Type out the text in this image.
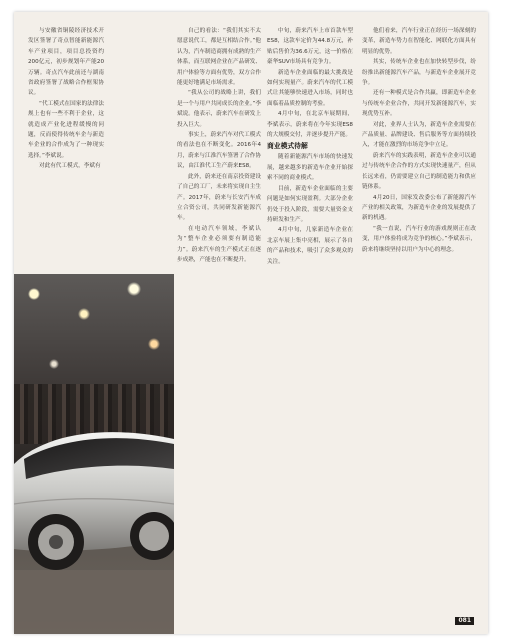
与安徽省铜陵经济技术开发区签署了奇点智能新能源汽车产业项目，项目总投资约200亿元，初步规划年产能20万辆。奇点汽车此前还与湖南省政府签署了战略合作框架协议。

“代工模式在国家的法律法规上也有一些不利于企业，这就造成产业化进程缓慢的问题，反而使得传统车企与新造车企业的合作成为了一种现实选择。”李斌说。

对此有代工模式，李斌有

自己的看法：“我们其实不太愿意说代工，都是互相结合作。”他认为，汽车制造商拥有成熟的生产体系，而互联网企业在产品研发、用户体验等方面有优势，双方合作能更好地满足市场需求。

“我从公司的战略上讲，我们是一个与用户共同成长的企业。”李斌说。他表示，蔚来汽车在研发上投入巨大。

事实上，蔚来汽车对代工模式的看法也在不断变化。2016年4月，蔚来与江淮汽车签署了合作协议，由江淮代工生产蔚来ES8。

此外，蔚来还在南京投资建设了自己的工厂，未来将实现自主生产。2017年，蔚来与长安汽车成立合资公司，共同研发新能源汽车。

在电动汽车领域，李斌认为“整车企业必须要有制造能力”。蔚来汽车的生产模式正在逐步成熟，产能也在不断提升。

中旬，蔚来汽车上市首款车型ES8，这款车定价为44.8万元，补贴后售价为36.6万元，这一价格在豪华SUV市场具有竞争力。

新造车企业面临的最大挑战是如何实现量产。蔚来汽车的代工模式让其能够快速进入市场，同时也面临着品质控制的考验。

4月中旬，在北京车展期间，李斌表示，蔚来将在今年实现ES8的大规模交付，并逐步提升产能。

商业模式待解

随着新能源汽车市场的快速发展，越来越多的新造车企业开始探索不同的商业模式。

目前，新造车企业面临的主要问题是如何实现盈利。大部分企业仍处于投入阶段，需要大量资金支持研发和生产。

4月中旬，几家新造车企业在北京车展上集中亮相，展示了各自的产品和技术，吸引了众多观众的关注。

他们看来，汽车行业正在经历一场深刻的变革，新造车势力在智能化、网联化方面具有明显的优势。

其实，传统车企业也在加快转型步伐，纷纷推出新能源汽车产品，与新造车企业展开竞争。

还有一种模式是合作共赢，即新造车企业与传统车企业合作，共同开发新能源汽车，实现优势互补。

对此，业界人士认为，新造车企业需要在产品质量、品牌建设、售后服务等方面持续投入，才能在激烈的市场竞争中立足。

蔚来汽车的实践表明，新造车企业可以通过与传统车企合作的方式实现快速量产，但从长远来看，仍需要建立自己的制造能力和供应链体系。

4月20日，国家发改委公布了新能源汽车产业的相关政策，为新造车企业的发展提供了新的机遇。

“我一直说，汽车行业的游戏规则正在改变，用户体验将成为竞争的核心。”李斌表示，蔚来将继续坚持以用户为中心的理念。

081
